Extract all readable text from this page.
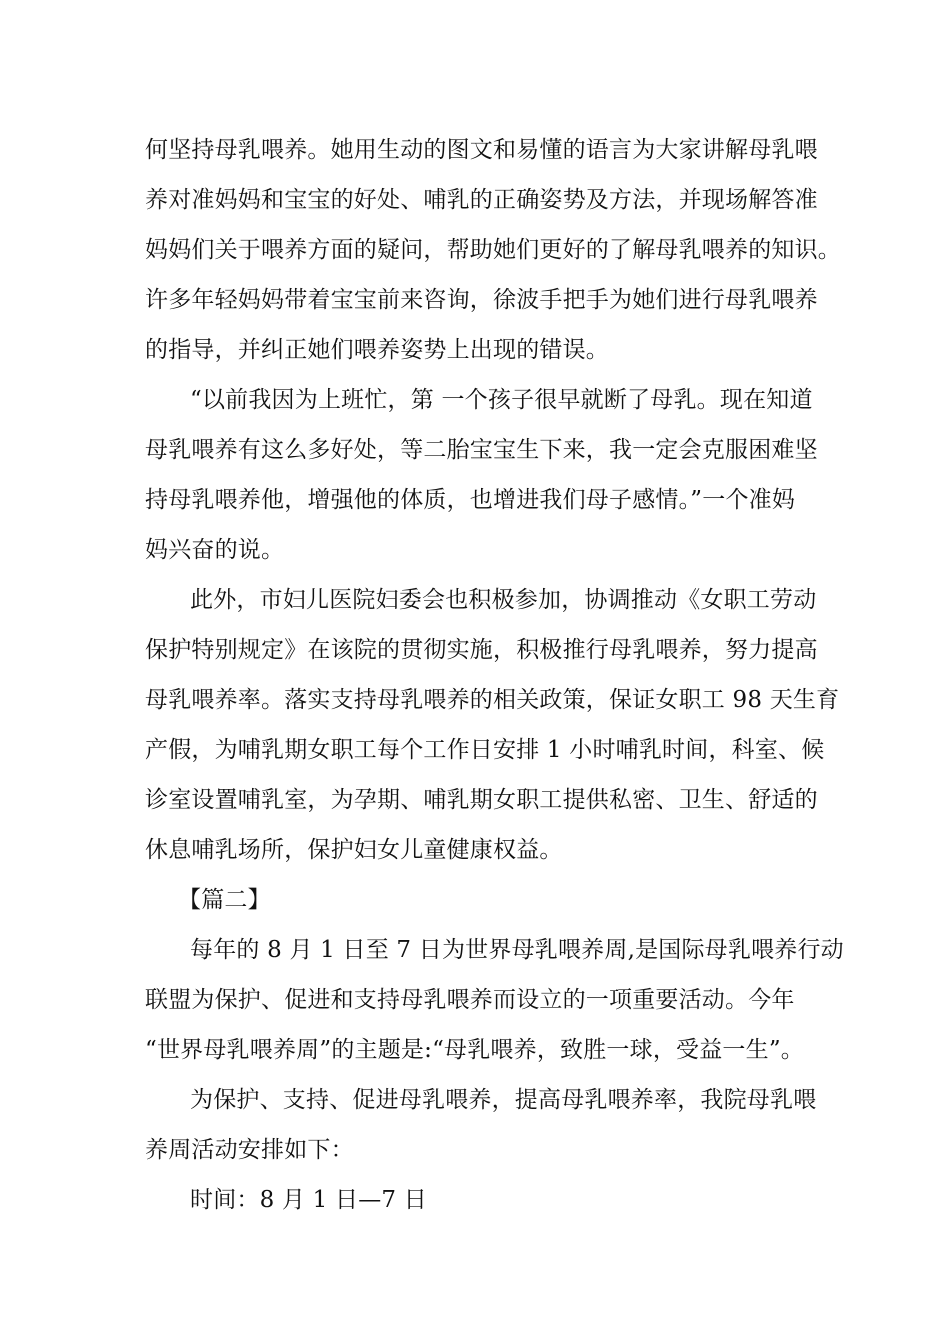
何坚持母乳喂养。她用生动的图文和易懂的语言为大家讲解母乳喂
养对准妈妈和宝宝的好处、哺乳的正确姿势及方法，并现场解答准
妈妈们关于喂养方面的疑问，帮助她们更好的了解母乳喂养的知识。
许多年轻妈妈带着宝宝前来咨询，徐波手把手为她们进行母乳喂养
的指导，并纠正她们喂养姿势上出现的错误。
“以前我因为上班忙，第 一个孩子很早就断了母乳。现在知道
母乳喂养有这么多好处，等二胎宝宝生下来，我一定会克服困难坚
持母乳喂养他，增强他的体质，也增进我们母子感情。”一个准妈
妈兴奋的说。
此外，市妇儿医院妇委会也积极参加，协调推动《女职工劳动
保护特别规定》在该院的贯彻实施，积极推行母乳喂养，努力提高
母乳喂养率。落实支持母乳喂养的相关政策，保证女职工 98 天生育
产假，为哺乳期女职工每个工作日安排 1 小时哺乳时间，科室、候
诊室设置哺乳室，为孕期、哺乳期女职工提供私密、卫生、舒适的
休息哺乳场所，保护妇女儿童健康权益。
【篇二】
每年的 8 月 1 日至 7 日为世界母乳喂养周,是国际母乳喂养行动
联盟为保护、促进和支持母乳喂养而设立的一项重要活动。今年
“世界母乳喂养周”的主题是:“母乳喂养，致胜一球，受益一生”。
为保护、支持、促进母乳喂养，提高母乳喂养率，我院母乳喂
养周活动安排如下：
时间：8 月 1 日—7 日
